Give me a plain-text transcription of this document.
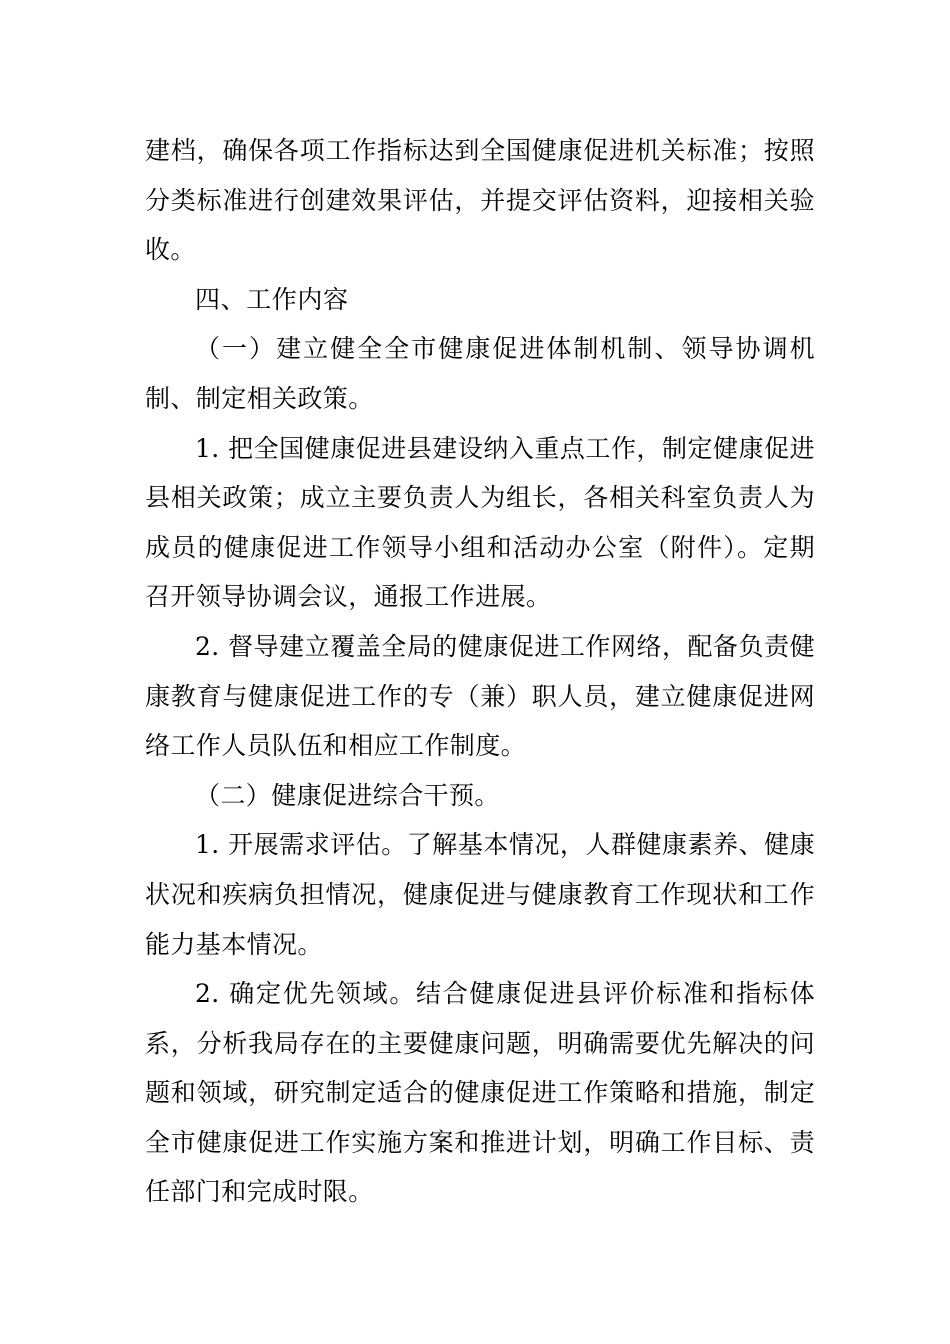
建档，确保各项工作指标达到全国健康促进机关标准；按照分类标准进行创建效果评估，并提交评估资料，迎接相关验收。

四、工作内容

（一）建立健全全市健康促进体制机制、领导协调机制、制定相关政策。

1. 把全国健康促进县建设纳入重点工作，制定健康促进县相关政策；成立主要负责人为组长，各相关科室负责人为成员的健康促进工作领导小组和活动办公室（附件）。定期召开领导协调会议，通报工作进展。

2. 督导建立覆盖全局的健康促进工作网络，配备负责健康教育与健康促进工作的专（兼）职人员，建立健康促进网络工作人员队伍和相应工作制度。

（二）健康促进综合干预。

1. 开展需求评估。了解基本情况，人群健康素养、健康状况和疾病负担情况，健康促进与健康教育工作现状和工作能力基本情况。

2. 确定优先领域。结合健康促进县评价标准和指标体系，分析我局存在的主要健康问题，明确需要优先解决的问题和领域，研究制定适合的健康促进工作策略和措施，制定全市健康促进工作实施方案和推进计划，明确工作目标、责任部门和完成时限。
